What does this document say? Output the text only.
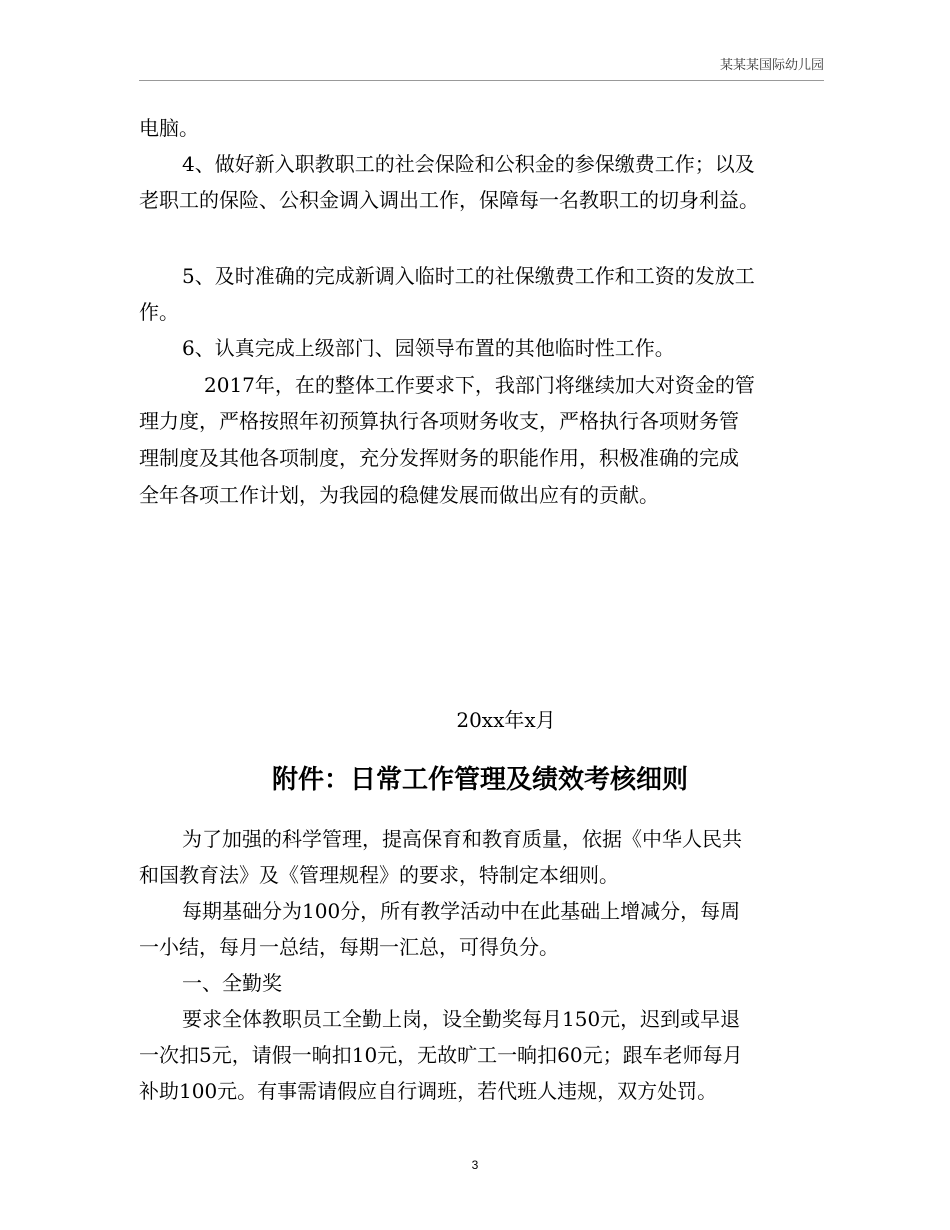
某某某国际幼儿园
电脑。
4、做好新入职教职工的社会保险和公积金的参保缴费工作；以及
老职工的保险、公积金调入调出工作，保障每一名教职工的切身利益。
5、及时准确的完成新调入临时工的社保缴费工作和工资的发放工
作。
6、认真完成上级部门、园领导布置的其他临时性工作。
2017年，在的整体工作要求下，我部门将继续加大对资金的管
理力度，严格按照年初预算执行各项财务收支，严格执行各项财务管
理制度及其他各项制度，充分发挥财务的职能作用，积极准确的完成
全年各项工作计划，为我园的稳健发展而做出应有的贡献。
20xx年x月
附件：日常工作管理及绩效考核细则
为了加强的科学管理，提高保育和教育质量，依据《中华人民共
和国教育法》及《管理规程》的要求，特制定本细则。
每期基础分为100分，所有教学活动中在此基础上增减分，每周
一小结，每月一总结，每期一汇总，可得负分。
一、全勤奖
要求全体教职员工全勤上岗，设全勤奖每月150元，迟到或早退
一次扣5元，请假一晌扣10元，无故旷工一晌扣60元；跟车老师每月
补助100元。有事需请假应自行调班，若代班人违规，双方处罚。
3
